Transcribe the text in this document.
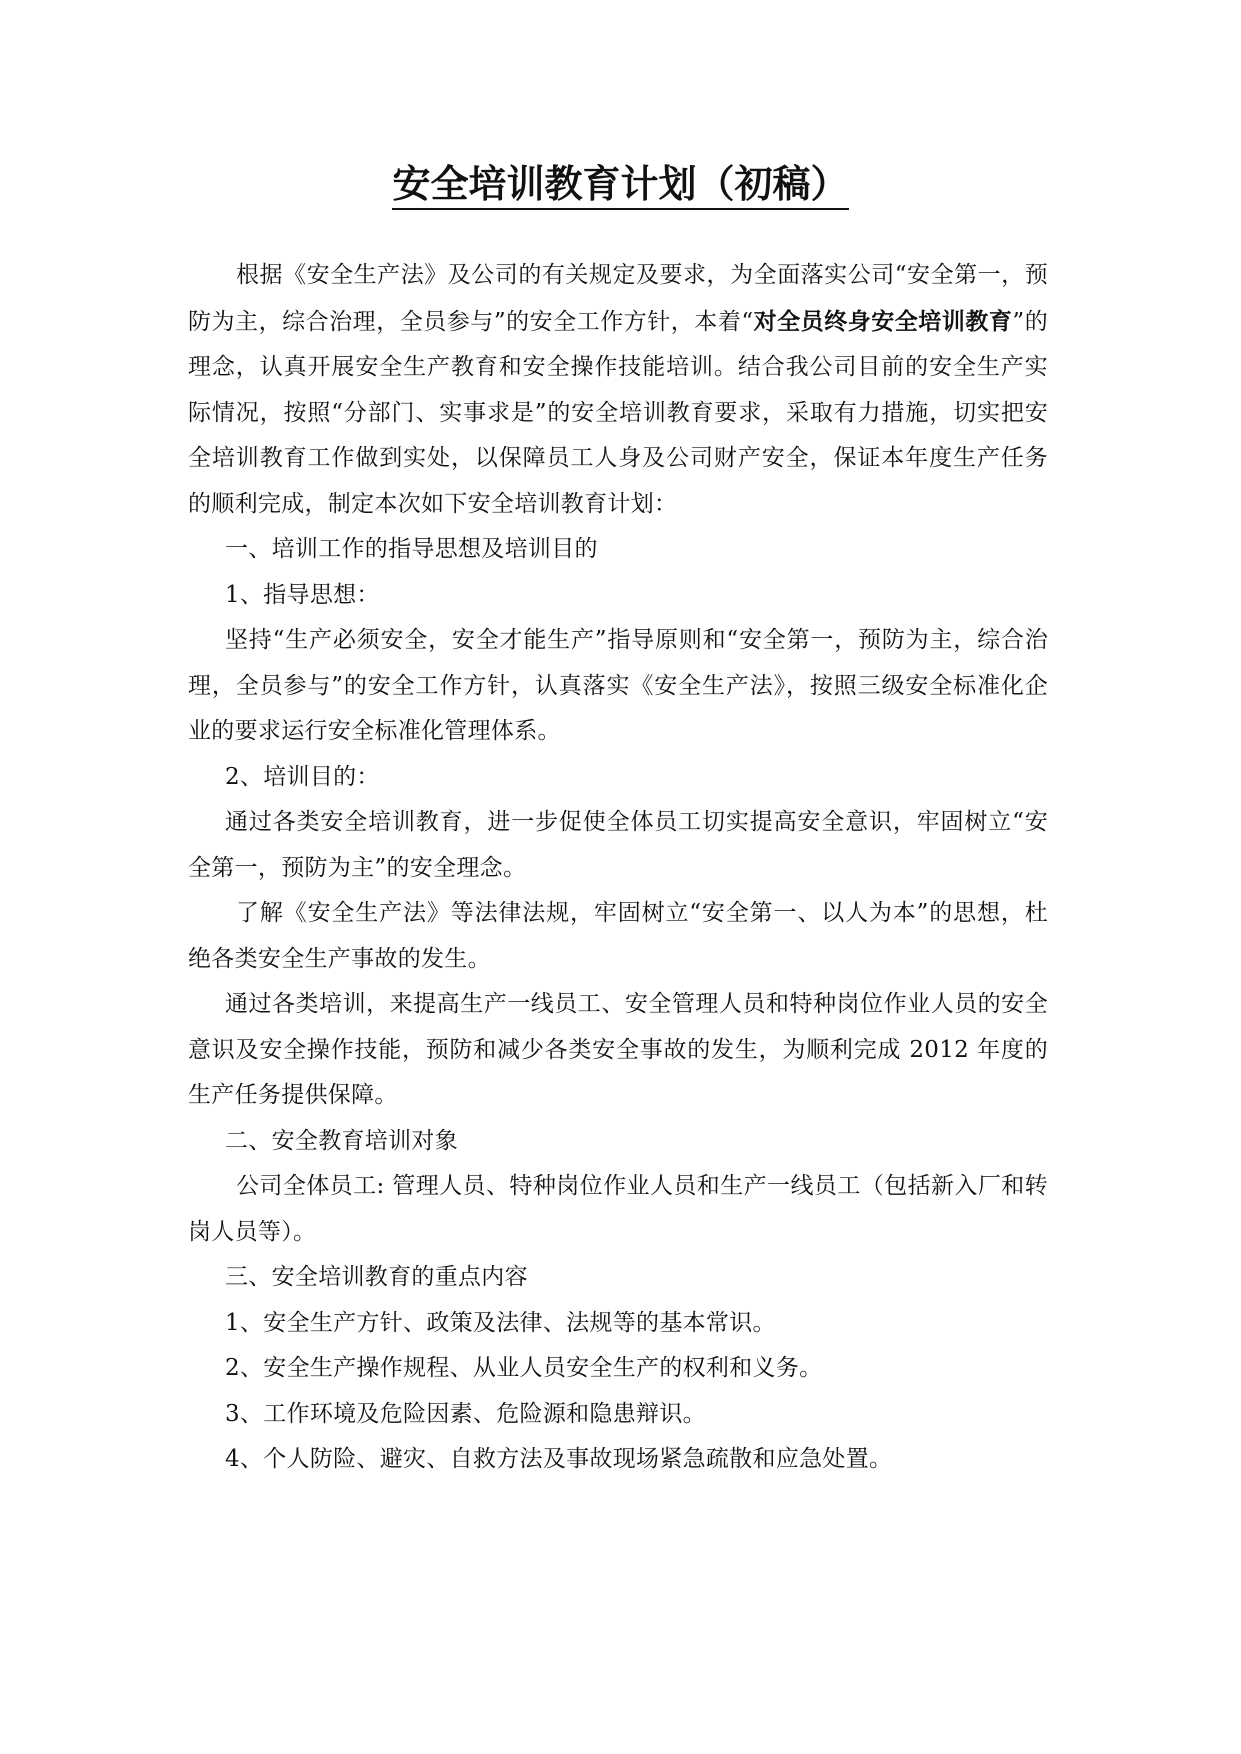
安全培训教育计划（初稿）

根据《安全生产法》及公司的有关规定及要求，为全面落实公司“安全第一，预防为主，综合治理，全员参与”的安全工作方针，本着“对全员终身安全培训教育”的理念，认真开展安全生产教育和安全操作技能培训。结合我公司目前的安全生产实际情况，按照“分部门、实事求是”的安全培训教育要求，采取有力措施，切实把安全培训教育工作做到实处，以保障员工人身及公司财产安全，保证本年度生产任务的顺利完成，制定本次如下安全培训教育计划：

一、培训工作的指导思想及培训目的

1、指导思想：

坚持“生产必须安全，安全才能生产”指导原则和“安全第一，预防为主，综合治理，全员参与”的安全工作方针，认真落实《安全生产法》，按照三级安全标准化企业的要求运行安全标准化管理体系。

2、培训目的：

通过各类安全培训教育，进一步促使全体员工切实提高安全意识，牢固树立“安全第一，预防为主”的安全理念。

了解《安全生产法》等法律法规，牢固树立“安全第一、以人为本”的思想，杜绝各类安全生产事故的发生。

通过各类培训，来提高生产一线员工、安全管理人员和特种岗位作业人员的安全意识及安全操作技能，预防和减少各类安全事故的发生，为顺利完成 2012 年度的生产任务提供保障。

二、安全教育培训对象

公司全体员工: 管理人员、特种岗位作业人员和生产一线员工（包括新入厂和转岗人员等）。

三、安全培训教育的重点内容

1、安全生产方针、政策及法律、法规等的基本常识。

2、安全生产操作规程、从业人员安全生产的权利和义务。

3、工作环境及危险因素、危险源和隐患辩识。

4、个人防险、避灾、自救方法及事故现场紧急疏散和应急处置。
